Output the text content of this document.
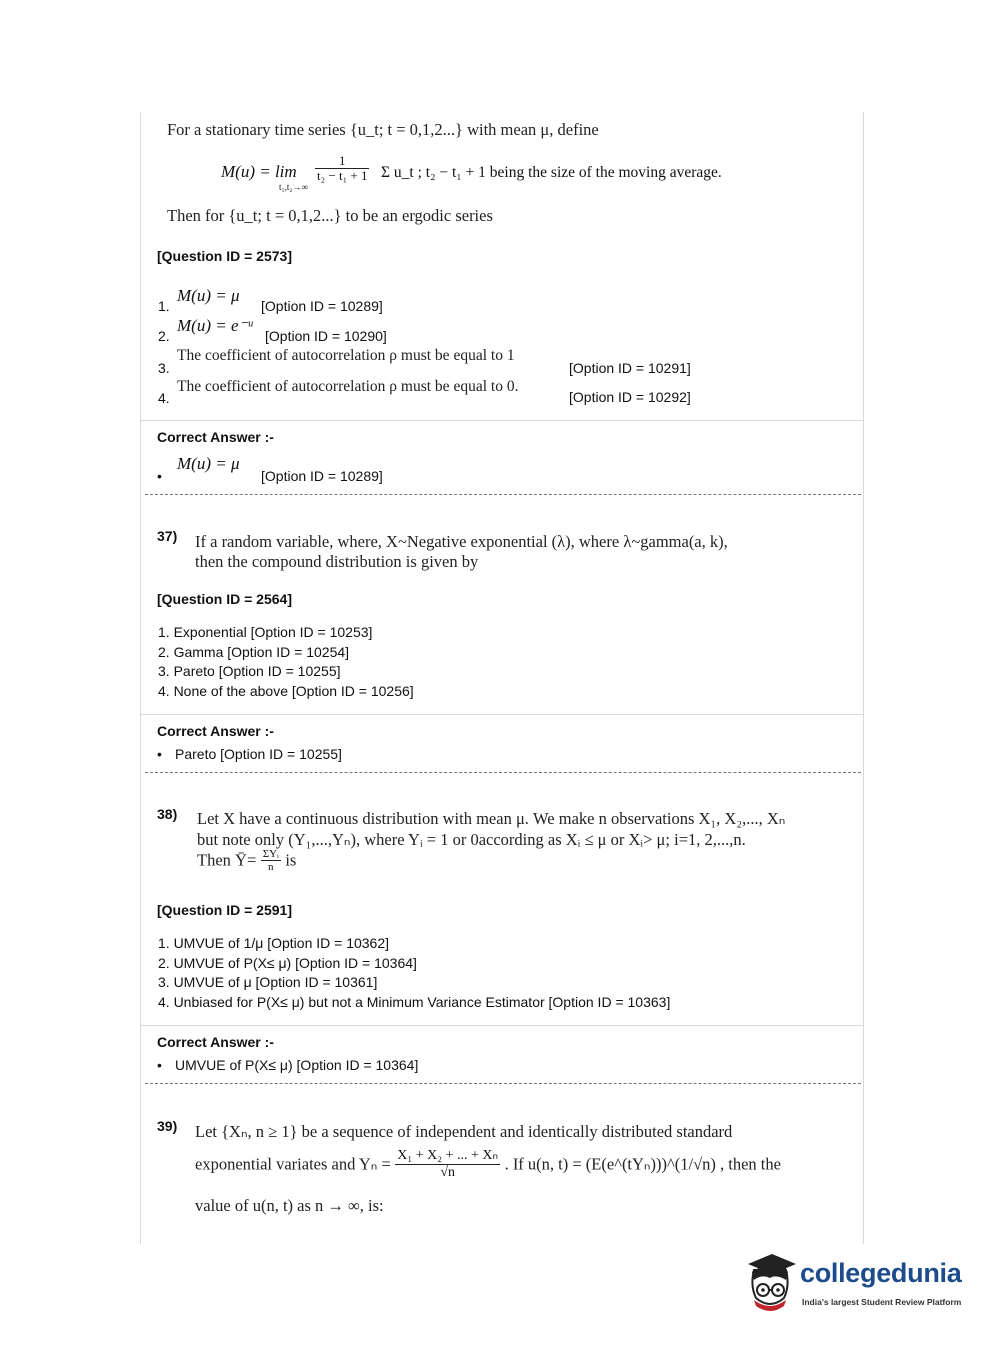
For a stationary time series {u_t; t = 0,1,2...} with mean μ, define
M(u) = lim
t₁,t₂→∞
$\frac{1}{\text{t₂ − t₁ + 1}}$ Σ u_t ; t₂ − t₁ + 1 being the size of the moving average.
Then for {u_t; t = 0,1,2...} to be an ergodic series
[Question ID = 2573]
1.
M(u) = μ
[Option ID = 10289]
2.
M(u) = e⁻ᵘ
[Option ID = 10290]
3.
The coefficient of autocorrelation ρ must be equal to 1
[Option ID = 10291]
4.
The coefficient of autocorrelation ρ must be equal to 0.
[Option ID = 10292]
Correct Answer :-
•
M(u) = μ
[Option ID = 10289]
37) If a random variable, where, X~Negative exponential (λ), where λ~gamma(a, k),
then the compound distribution is given by
[Question ID = 2564]
1. Exponential [Option ID = 10253]
2. Gamma [Option ID = 10254]
3. Pareto [Option ID = 10255]
4. None of the above [Option ID = 10256]
Correct Answer :-
• Pareto [Option ID = 10255]
38) Let X have a continuous distribution with mean μ. We make n observations X₁, X₂,..., Xₙ
but note only (Y₁,...,Yₙ), where Yᵢ = 1 or 0according as Xᵢ ≤ μ or Xᵢ> μ; i=1, 2,...,n.
Then Ȳ= $\frac{\text{ΣYᵢ}}{n}$ is
[Question ID = 2591]
1. UMVUE of 1/μ [Option ID = 10362]
2. UMVUE of P(X≤ μ) [Option ID = 10364]
3. UMVUE of μ [Option ID = 10361]
4. Unbiased for P(X≤ μ) but not a Minimum Variance Estimator [Option ID = 10363]
Correct Answer :-
• UMVUE of P(X≤ μ) [Option ID = 10364]
39) Let {Xₙ, n ≥ 1} be a sequence of independent and identically distributed standard
exponential variates and $Y_n = \frac{\text{X₁ + X₂ + ... + Xₙ}}{√n}$ . If u(n, t) = (E(e^(tYₙ)))^(1/√n) , then the
value of u(n, t) as n → ∞, is:
collegedunia
India's largest Student Review Platform
